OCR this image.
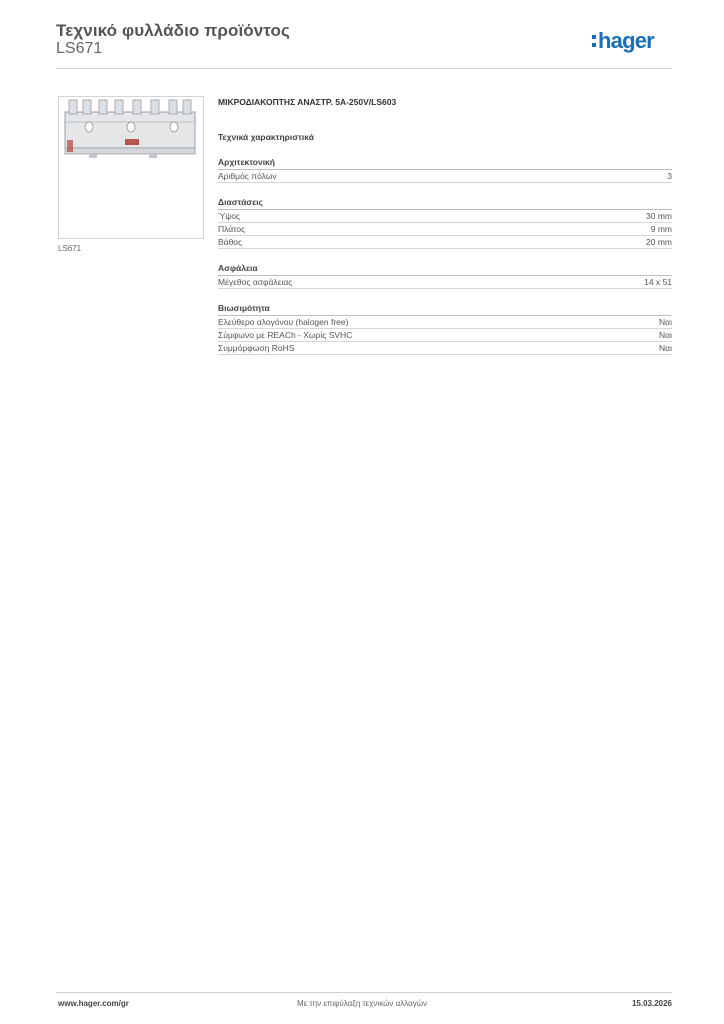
Τεχνικό φυλλάδιο προϊόντος
LS671	hager
LS671
ΜΙΚΡΟΔΙΑΚΟΠΤΗΣ ΑΝΑΣΤΡ. 5A-250V/LS603
Τεχνικά χαρακτηριστικά
Αρχιτεκτονική
Αριθμός πόλων	3
Διαστάσεις
Ύψος	30 mm
Πλάτος	9 mm
Βάθος	20 mm
Ασφάλεια
Μέγεθος ασφάλειας	14 x 51
Βιωσιμότητα
Ελεύθερο αλογόνου (halogen free)	Ναι
Σύμφωνο με REACh - Χωρίς SVHC	Ναι
Συμμόρφωση RoHS	Ναι
www.hager.com/gr	Με την επιφύλαξη τεχνικών αλλαγών	15.03.2026
